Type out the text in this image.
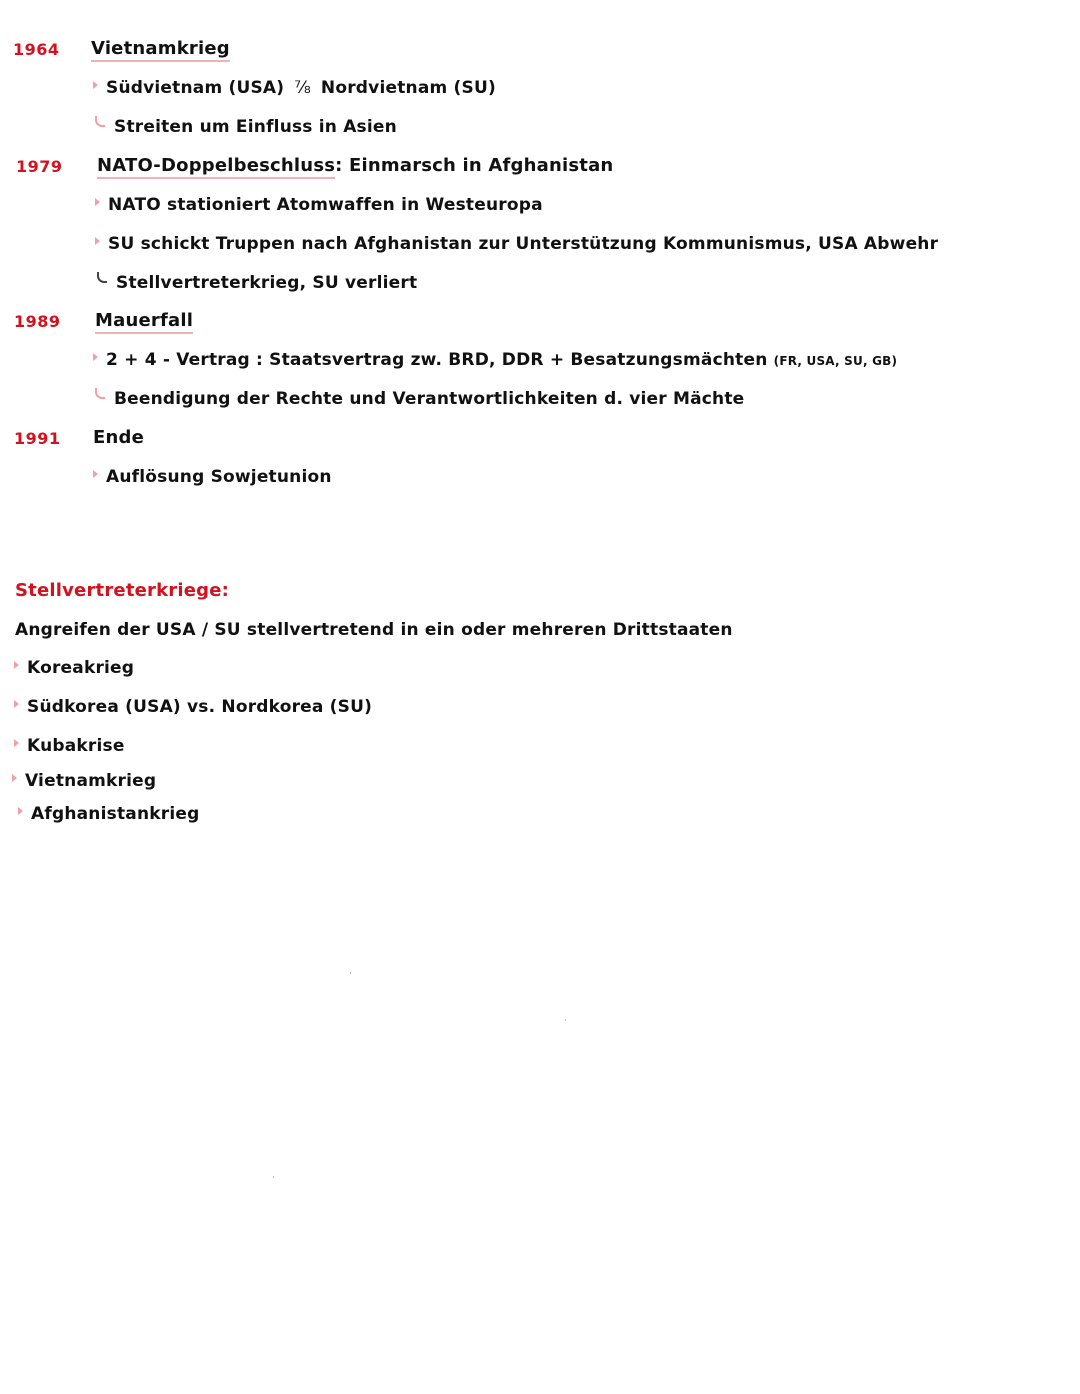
1964 Vietnamkrieg
Südvietnam (USA) ⅞ Nordvietnam (SU)
Streiten um Einfluss in Asien
1979 NATO-Doppelbeschluss: Einmarsch in Afghanistan
NATO stationiert Atomwaffen in Westeuropa
SU schickt Truppen nach Afghanistan zur Unterstützung Kommunismus, USA Abwehr
Stellvertreterkrieg, SU verliert
1989 Mauerfall
2 + 4 - Vertrag : Staatsvertrag zw. BRD, DDR + Besatzungsmächten (FR, USA, SU, GB)
Beendigung der Rechte und Verantwortlichkeiten d. vier Mächte
1991 Ende
Auflösung Sowjetunion
Stellvertreterkriege:
Angreifen der USA / SU stellvertretend in ein oder mehreren Drittstaaten
Koreakrieg
Südkorea (USA) vs. Nordkorea (SU)
Kubakrise
Vietnamkrieg
Afghanistankrieg
